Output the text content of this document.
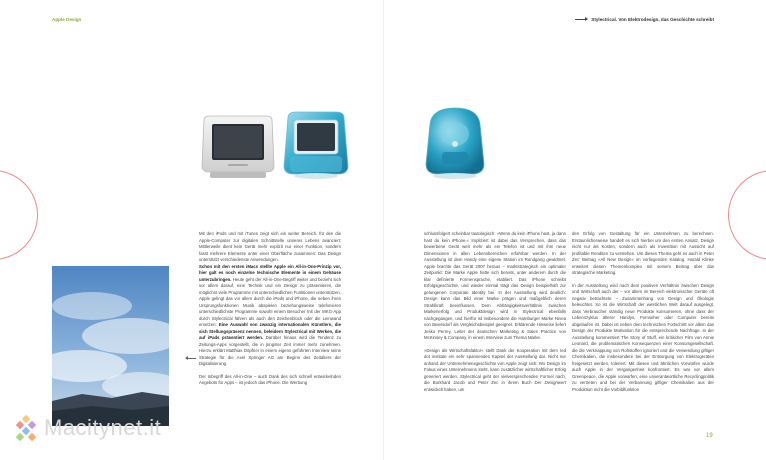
Apple Design	Stylectrical. Von Elektrodesign, das Geschichte schreibt

Mit den iPods und mit iTunes zeigt sich ein weiter Bereich, für den die Apple-Computer zur digitalen Schnittstelle unseres Lebens avanciert: Mittlerweile dient kein Gerät mehr explizit nur einer Funktion, sondern fasst mehrere Elemente unter einer Oberfläche zusammen: Das Design unterstützt verschiedenste Anwendungen.

Schon mit den ersten iMacs stellte Apple ein All-in-One-Prinzip vor, hier galt es noch einzelne technische Elemente in einem Gehäuse unterzubringen. Heute geht der All-in-One-Begriff weiter und bezieht sich vor allem darauf, eine Technik und ein Design zu präsentieren, die möglichst viele Programme mit unterschiedlichen Funktionen unterstützen. Apple gelingt das vor allem durch die iPods und iPhone, die neben ihren Ursprungsfunktionen Musik abspielen beziehungsweise telefonieren unterschiedlichste Programme sowohl einem Besucher mit der MKG-App durch Stylectrical führen als auch den Zeichenblock oder die Leinwand ersetzen: Eine Auswahl von zwanzig internationalen Künstlern, die sich Stellungspräsenz nennen, beleidern Stylectrical mit Werken, die auf iPads präsentiert werden. Darüber hinaus wird die Tendenz zu Zeitungs-Apps vorgestellt, die in jüngster Zeit immer mehr zunehmen. Hierzu erklärt Matthias Döpfner in einem eigens geführten Interview seine Strategie für die Axel Springer AG am Beginn des Zeitalters der Digitalisierung.

Der Inbegriff des All-in-One – auch Dank des sich schnell entwickelnden Angebots für Apps – ist jedoch das iPhone. Die Werbung

schlussfolgert scheinbar tautologisch: »Wenn du kein iPhone hast, ja dann hast du kein iPhone.« Impliziert ist dabei das Versprechen, dass das bewerbene Gerät weit mehr als ein Telefon ist und mit ihm neue Dimensionen in allen Lebensbereichen erfahrbar werden. In der Ausstellung ist dem Handy eine eigene Station im Rundgang gewidmet. Apple brachte das Gerät 2007 heraus – marktstrategisch ein optimaler Zeitpunkt: Die Marke Apple hatte sich bereits, unter anderem durch die klar definierte Formensprache, etabliert. Das iPhone schreibt Erfolgsgeschichte, und wieder einmal trägt das Design beispielhaft zur gelungenen Corporate Identity bei. In der Ausstellung wird deutlich: Design kann das Bild einer Marke prägen und maßgeblich deren Strahlkraft beeinflussen. Dem Abhängigkeitsverhältnis zwischen Markenerfolg und Produktdesign wird in Stylectrical ebenfalls nachgegangen, und hierfür ist insbesondere die Hamburger Marke Nivea von Beiersdorf als Vergleichsbeispiel geeignet. Erklärende Hinweise liefert Jesko Perrey, Leiter der deutschen Marketing & Sales Practice von McKinsey & Company, in einem Interview zum Thema Marke.

»Design als Wirtschaftsfaktor« stellt Dank der Kooperation mit dem red dot institute ein sehr spannendes Kapitel der Ausstellung dar. Nicht nur anhand der Unternehmensgeschichte von Apple zeigt sich: Wo Design im Fokus eines Unternehmens steht, kann zusätzlicher wirtschaftlicher Erfolg generiert werden. Stylectrical geht der vielversprechenden Formel nach, die Burkhard Jacob und Peter Zec in ihrem Buch Der Designwert entwickelt haben, um

den Erfolg von Gestaltung für ein Unternehmen zu berechnen. Erstaunlicherweise handelt es sich hierbei um den ersten Ansatz, Design nicht nur als Kosten, sondern auch als Investition mit Aussicht auf profitable Renditen zu verstehen. Um dieses Thema geht es auch in Peter Zec' Beitrag »All New Design« im vorliegenden Katalog. Harald Klinke erweitert diesen Themenkomplex mit seinem Beitrag über das strategische Marketing.

In der Ausstellung wird nach dem positiven Verhältnis zwischen Design und Wirtschaft auch der – vor allem im Bereich elektronischer Geräte oft negativ betrachtete – Zusammenhang von Design und Ökologie beleuchtet. So ist die Wirtschaft der westlichen Welt darauf ausgelegt, dass Verbraucher ständig neue Produkte konsumieren, ohne dass der Lebenszyklus älterer Handys, Fernseher oder Computer bereits abgelaufen ist. Dabei ist neben dem technischen Fortschritt vor allem das Design der Produkte Motivation für die entsprechende Nachfrage. In der Ausstellung kommentiert The Story of Stuff, ein kritischer Film von Annie Leonard, die problematischen Konsequenzen einer Konsumgesellschaft, die die Verknappung von Rohstoffen ignoriert und die Verwendung giftiger Chemikalien, die insbesondere bei der Entsorgung von Elektrogeräten freigesetzt werden, toleriert. Mit diesen und ähnlichen Vorwürfen wurde auch Apple in der Vergangenheit konfrontiert. Es war vor allem Greenpeace, die Apple vorwarfen, eine unverantwortliche Recyclingpolitik zu vertreten und bei der Verbannung giftiger Chemikalien aus der Produktion nicht die Vorbildfunktion

19
Macitynet.it
